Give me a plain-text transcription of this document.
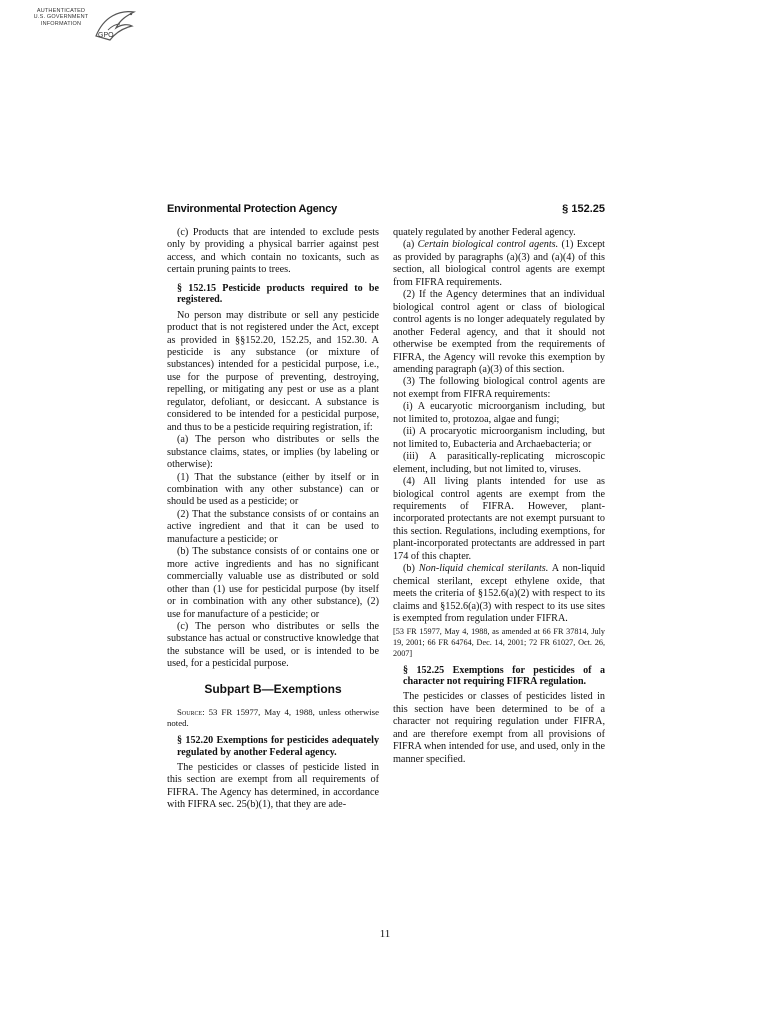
AUTHENTICATED
U.S. GOVERNMENT
INFORMATION
GPO
Environmental Protection Agency	§ 152.25

(c) Products that are intended to exclude pests only by providing a physical barrier against pest access, and which contain no toxicants, such as certain pruning paints to trees.

§ 152.15 Pesticide products required to be registered.

No person may distribute or sell any pesticide product that is not registered under the Act, except as provided in §§152.20, 152.25, and 152.30. A pesticide is any substance (or mixture of substances) intended for a pesticidal purpose, i.e., use for the purpose of preventing, destroying, repelling, or mitigating any pest or use as a plant regulator, defoliant, or desiccant. A substance is considered to be intended for a pesticidal purpose, and thus to be a pesticide requiring registration, if:

(a) The person who distributes or sells the substance claims, states, or implies (by labeling or otherwise):

(1) That the substance (either by itself or in combination with any other substance) can or should be used as a pesticide; or

(2) That the substance consists of or contains an active ingredient and that it can be used to manufacture a pesticide; or

(b) The substance consists of or contains one or more active ingredients and has no significant commercially valuable use as distributed or sold other than (1) use for pesticidal purpose (by itself or in combination with any other substance), (2) use for manufacture of a pesticide; or

(c) The person who distributes or sells the substance has actual or constructive knowledge that the substance will be used, or is intended to be used, for a pesticidal purpose.

Subpart B—Exemptions

Source: 53 FR 15977, May 4, 1988, unless otherwise noted.

§ 152.20 Exemptions for pesticides adequately regulated by another Federal agency.

The pesticides or classes of pesticide listed in this section are exempt from all requirements of FIFRA. The Agency has determined, in accordance with FIFRA sec. 25(b)(1), that they are ade-

quately regulated by another Federal agency.

(a) Certain biological control agents. (1) Except as provided by paragraphs (a)(3) and (a)(4) of this section, all biological control agents are exempt from FIFRA requirements.

(2) If the Agency determines that an individual biological control agent or class of biological control agents is no longer adequately regulated by another Federal agency, and that it should not otherwise be exempted from the requirements of FIFRA, the Agency will revoke this exemption by amending paragraph (a)(3) of this section.

(3) The following biological control agents are not exempt from FIFRA requirements:

(i) A eucaryotic microorganism including, but not limited to, protozoa, algae and fungi;

(ii) A procaryotic microorganism including, but not limited to, Eubacteria and Archaebacteria; or

(iii) A parasitically-replicating microscopic element, including, but not limited to, viruses.

(4) All living plants intended for use as biological control agents are exempt from the requirements of FIFRA. However, plant-incorporated protectants are not exempt pursuant to this section. Regulations, including exemptions, for plant-incorporated protectants are addressed in part 174 of this chapter.

(b) Non-liquid chemical sterilants. A non-liquid chemical sterilant, except ethylene oxide, that meets the criteria of §152.6(a)(2) with respect to its claims and §152.6(a)(3) with respect to its use sites is exempted from regulation under FIFRA.

[53 FR 15977, May 4, 1988, as amended at 66 FR 37814, July 19, 2001; 66 FR 64764, Dec. 14, 2001; 72 FR 61027, Oct. 26, 2007]

§ 152.25 Exemptions for pesticides of a character not requiring FIFRA regulation.

The pesticides or classes of pesticides listed in this section have been determined to be of a character not requiring regulation under FIFRA, and are therefore exempt from all provisions of FIFRA when intended for use, and used, only in the manner specified.

11
